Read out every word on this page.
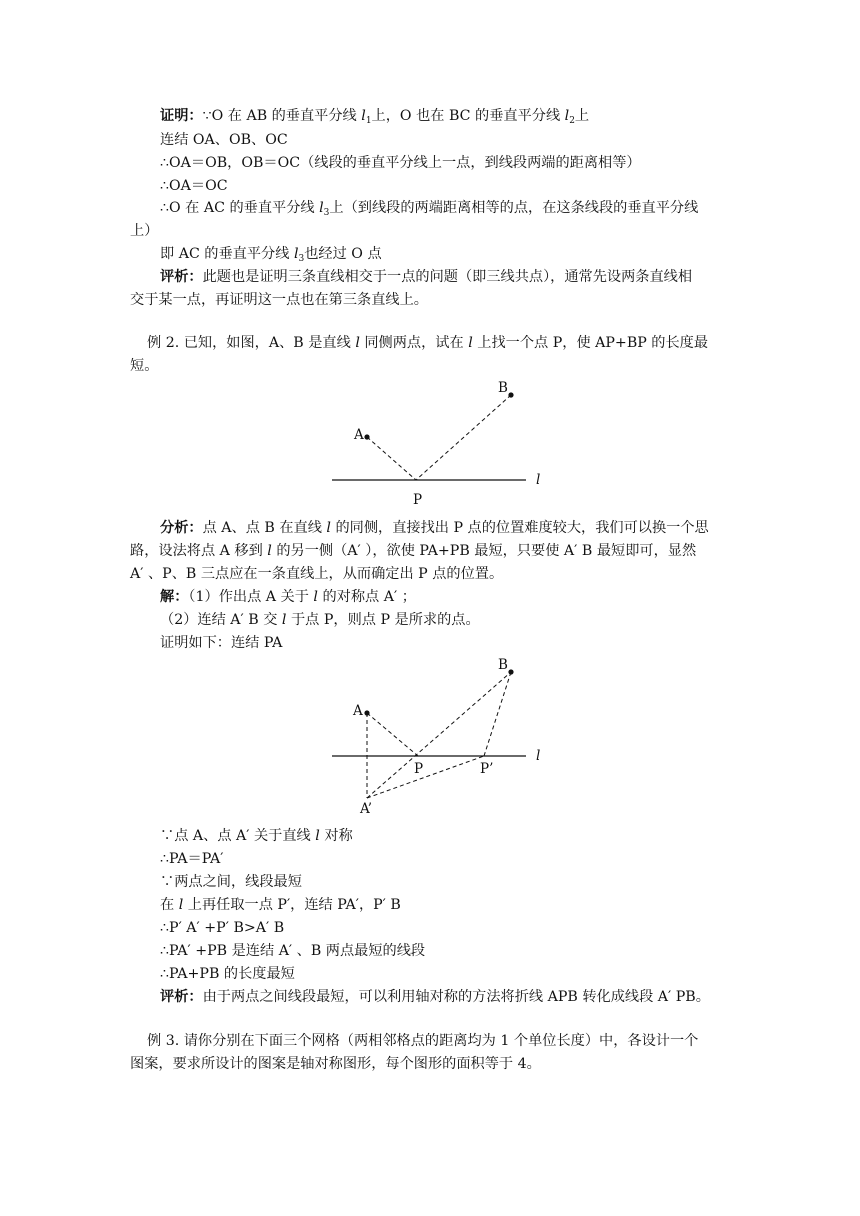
证明：∵O 在 AB 的垂直平分线 $l_1$上，O 也在 BC 的垂直平分线 $l_2$上
连结 OA、OB、OC
∴OA＝OB，OB＝OC（线段的垂直平分线上一点，到线段两端的距离相等）
∴OA＝OC
∴O 在 AC 的垂直平分线 $l_3$上（到线段的两端距离相等的点，在这条线段的垂直平分线
上）
即 AC 的垂直平分线 $l_3$也经过 O 点
评析：此题也是证明三条直线相交于一点的问题（即三线共点），通常先设两条直线相
交于某一点，再证明这一点也在第三条直线上。
例 2. 已知，如图，A、B 是直线 l 同侧两点，试在 l 上找一个点 P，使 AP+BP 的长度最
短。
A
B
P
l
分析：点 A、点 B 在直线 l 的同侧，直接找出 P 点的位置难度较大，我们可以换一个思
路，设法将点 A 移到 l 的另一侧（A′ ），欲使 PA+PB 最短，只要使 A′ B 最短即可，显然
A′ 、P、B 三点应在一条直线上，从而确定出 P 点的位置。
解：（1）作出点 A 关于 l 的对称点 A′ ；
（2）连结 A′ B 交 l 于点 P，则点 P 是所求的点。
证明如下：连结 PA
A
B
P	P’
A’
l
∵点 A、点 A′ 关于直线 l 对称
∴PA＝PA′
∵两点之间，线段最短
在 l 上再任取一点 P′，连结 PA′，P′ B
∴P′ A′ +P′ B>A′ B
∴PA′ +PB 是连结 A′ 、B 两点最短的线段
∴PA+PB 的长度最短
评析：由于两点之间线段最短，可以利用轴对称的方法将折线 APB 转化成线段 A′ PB。
例 3. 请你分别在下面三个网格（两相邻格点的距离均为 1 个单位长度）中，各设计一个
图案，要求所设计的图案是轴对称图形，每个图形的面积等于 4。
